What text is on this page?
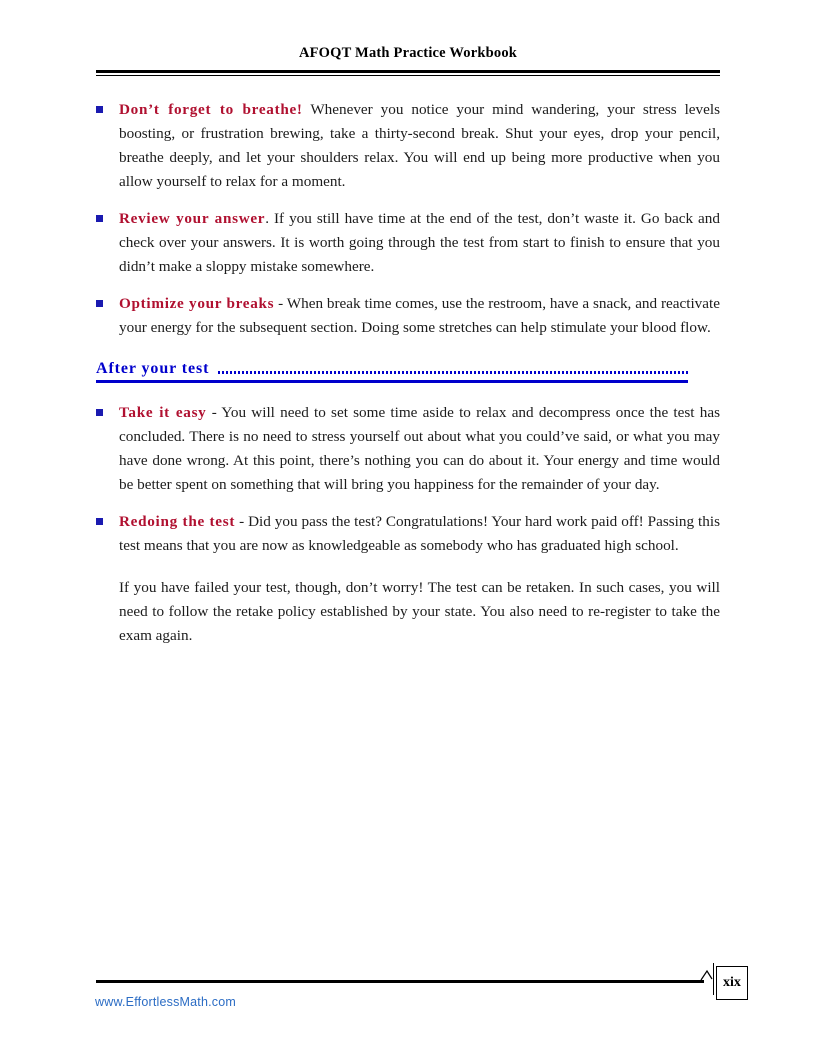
AFOQT Math Practice Workbook
Don’t forget to breathe! Whenever you notice your mind wandering, your stress levels boosting, or frustration brewing, take a thirty-second break. Shut your eyes, drop your pencil, breathe deeply, and let your shoulders relax. You will end up being more productive when you allow yourself to relax for a moment.
Review your answer. If you still have time at the end of the test, don’t waste it. Go back and check over your answers. It is worth going through the test from start to finish to ensure that you didn’t make a sloppy mistake somewhere.
Optimize your breaks - When break time comes, use the restroom, have a snack, and reactivate your energy for the subsequent section. Doing some stretches can help stimulate your blood flow.
After your test
Take it easy - You will need to set some time aside to relax and decompress once the test has concluded. There is no need to stress yourself out about what you could’ve said, or what you may have done wrong. At this point, there’s nothing you can do about it. Your energy and time would be better spent on something that will bring you happiness for the remainder of your day.
Redoing the test - Did you pass the test? Congratulations! Your hard work paid off! Passing this test means that you are now as knowledgeable as somebody who has graduated high school.
If you have failed your test, though, don’t worry! The test can be retaken. In such cases, you will need to follow the retake policy established by your state. You also need to re-register to take the exam again.
xix
www.EffortlessMath.com
